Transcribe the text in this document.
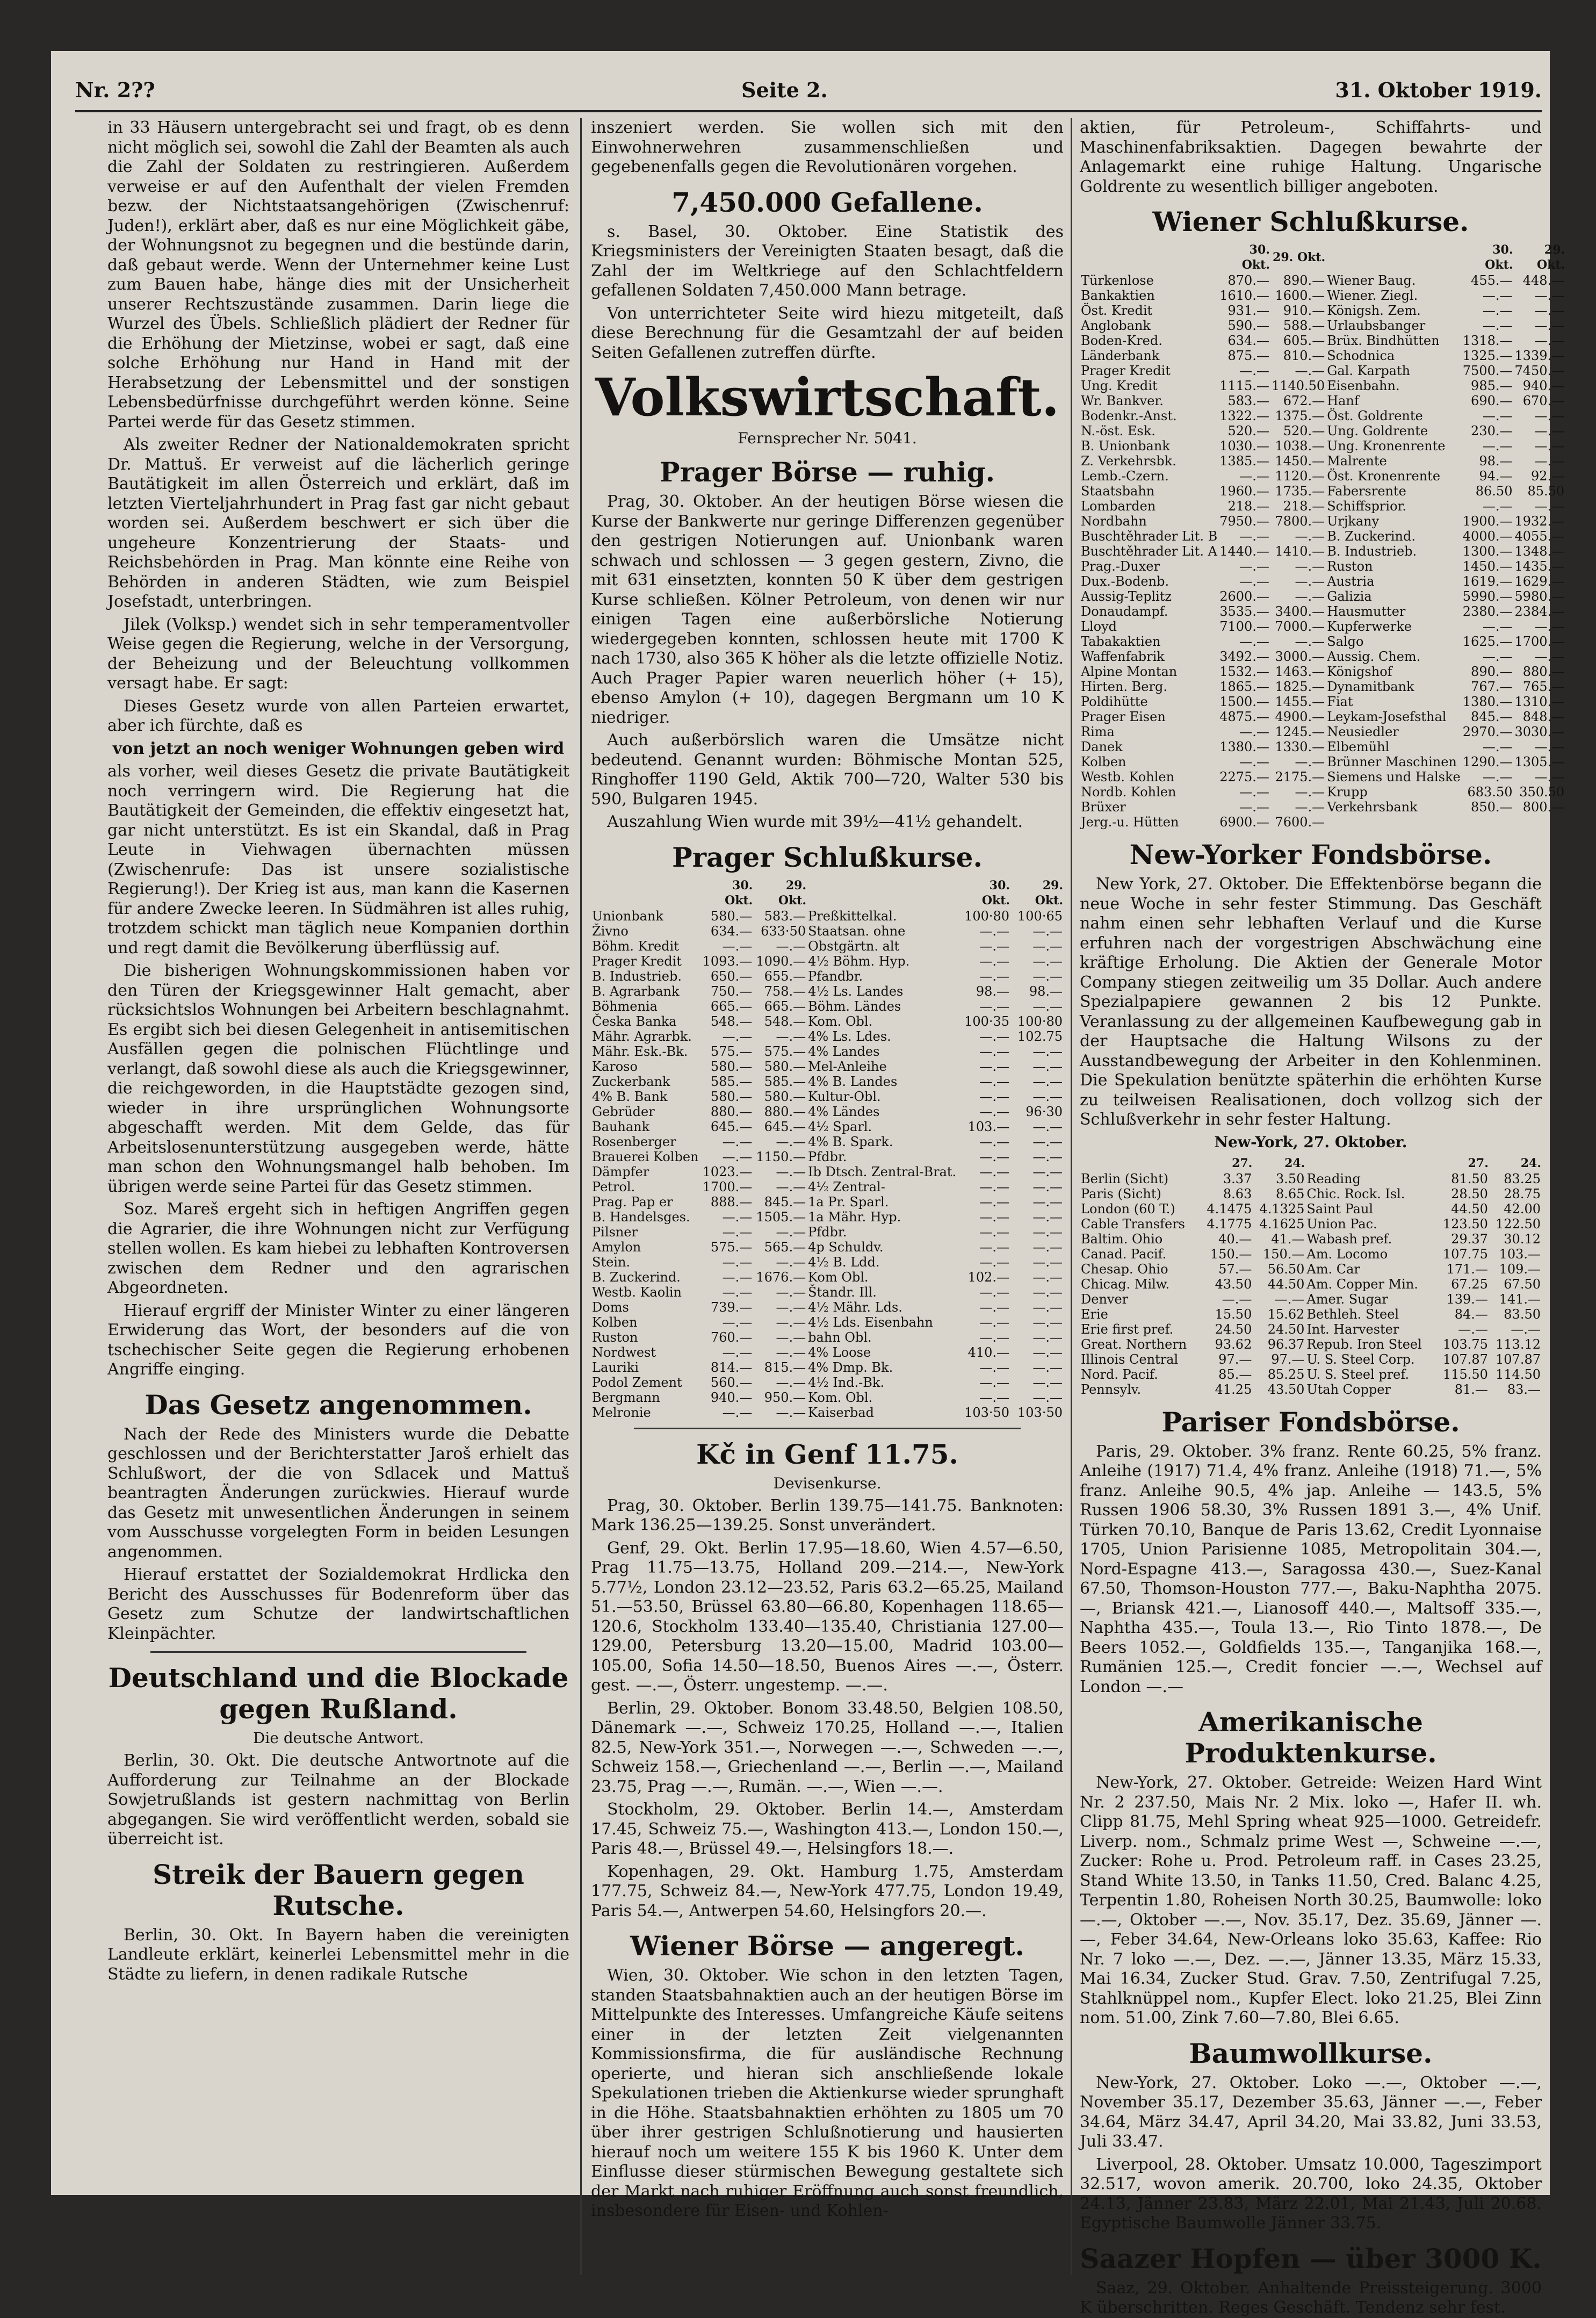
Nr. 2??	Seite 2.	31. Oktober 1919.

in 33 Häusern untergebracht sei und fragt, ob es denn nicht möglich sei, sowohl die Zahl der Beamten als auch die Zahl der Soldaten zu restringieren. Außerdem verweise er auf den Aufenthalt der vielen Fremden bezw. der Nichtstaatsangehörigen (Zwischenruf: Juden!), erklärt aber, daß es nur eine Möglichkeit gäbe, der Wohnungsnot zu begegnen und die bestünde darin, daß gebaut werde. Wenn der Unternehmer keine Lust zum Bauen habe, hänge dies mit der Unsicherheit unserer Rechtszustände zusammen. Darin liege die Wurzel des Übels. Schließlich plädiert der Redner für die Erhöhung der Mietzinse, wobei er sagt, daß eine solche Erhöhung nur Hand in Hand mit der Herabsetzung der Lebensmittel und der sonstigen Lebensbedürfnisse durchgeführt werden könne. Seine Partei werde für das Gesetz stimmen.

Als zweiter Redner der Nationaldemokraten spricht Dr. Mattuš. Er verweist auf die lächerlich geringe Bautätigkeit im allen Österreich und erklärt, daß im letzten Vierteljahrhundert in Prag fast gar nicht gebaut worden sei. Außerdem beschwert er sich über die ungeheure Konzentrierung der Staats- und Reichsbehörden in Prag. Man könnte eine Reihe von Behörden in anderen Städten, wie zum Beispiel Josefstadt, unterbringen.

Jilek (Volksp.) wendet sich in sehr temperamentvoller Weise gegen die Regierung, welche in der Versorgung, der Beheizung und der Beleuchtung vollkommen versagt habe. Er sagt:

Dieses Gesetz wurde von allen Parteien erwartet, aber ich fürchte, daß es

von jetzt an noch weniger Wohnungen geben wird

als vorher, weil dieses Gesetz die private Bautätigkeit noch verringern wird. Die Regierung hat die Bautätigkeit der Gemeinden, die effektiv eingesetzt hat, gar nicht unterstützt. Es ist ein Skandal, daß in Prag Leute in Viehwagen übernachten müssen (Zwischenrufe: Das ist unsere sozialistische Regierung!). Der Krieg ist aus, man kann die Kasernen für andere Zwecke leeren. In Südmähren ist alles ruhig, trotzdem schickt man täglich neue Kompanien dorthin und regt damit die Bevölkerung überflüssig auf.

Die bisherigen Wohnungskommissionen haben vor den Türen der Kriegsgewinner Halt gemacht, aber rücksichtslos Wohnungen bei Arbeitern beschlagnahmt. Es ergibt sich bei diesen Gelegenheit in antisemitischen Ausfällen gegen die polnischen Flüchtlinge und verlangt, daß sowohl diese als auch die Kriegsgewinner, die reichgeworden, in die Hauptstädte gezogen sind, wieder in ihre ursprünglichen Wohnungsorte abgeschafft werden. Mit dem Gelde, das für Arbeitslosenunterstützung ausgegeben werde, hätte man schon den Wohnungsmangel halb behoben. Im übrigen werde seine Partei für das Gesetz stimmen.

Soz. Mareš ergeht sich in heftigen Angriffen gegen die Agrarier, die ihre Wohnungen nicht zur Verfügung stellen wollen. Es kam hiebei zu lebhaften Kontroversen zwischen dem Redner und den agrarischen Abgeordneten.

Hierauf ergriff der Minister Winter zu einer längeren Erwiderung das Wort, der besonders auf die von tschechischer Seite gegen die Regierung erhobenen Angriffe einging.

Das Gesetz angenommen.

Nach der Rede des Ministers wurde die Debatte geschlossen und der Berichterstatter Jaroš erhielt das Schlußwort, der die von Sdlacek und Mattuš beantragten Änderungen zurückwies. Hierauf wurde das Gesetz mit unwesentlichen Änderungen in seinem vom Ausschusse vorgelegten Form in beiden Lesungen angenommen.

Hierauf erstattet der Sozialdemokrat Hrdlicka den Bericht des Ausschusses für Bodenreform über das Gesetz zum Schutze der landwirtschaftlichen Kleinpächter.

Deutschland und die Blockade gegen Rußland.
Die deutsche Antwort.

Berlin, 30. Okt. Die deutsche Antwortnote auf die Aufforderung zur Teilnahme an der Blockade Sowjetrußlands ist gestern nachmittag von Berlin abgegangen. Sie wird veröffentlicht werden, sobald sie überreicht ist.

Streik der Bauern gegen Rutsche.

Berlin, 30. Okt. In Bayern haben die vereinigten Landleute erklärt, keinerlei Lebensmittel mehr in die Städte zu liefern, in denen radikale Rutsche

inszeniert werden. Sie wollen sich mit den Einwohnerwehren zusammenschließen und gegebenenfalls gegen die Revolutionären vorgehen.

7,450.000 Gefallene.

s. Basel, 30. Oktober. Eine Statistik des Kriegsministers der Vereinigten Staaten besagt, daß die Zahl der im Weltkriege auf den Schlachtfeldern gefallenen Soldaten 7,450.000 Mann betrage.

Von unterrichteter Seite wird hiezu mitgeteilt, daß diese Berechnung für die Gesamtzahl der auf beiden Seiten Gefallenen zutreffen dürfte.

Volkswirtschaft.
Fernsprecher Nr. 5041.
Prager Börse — ruhig.

Prag, 30. Oktober. An der heutigen Börse wiesen die Kurse der Bankwerte nur geringe Differenzen gegenüber den gestrigen Notierungen auf. Unionbank waren schwach und schlossen — 3 gegen gestern, Zivno, die mit 631 einsetzten, konnten 50 K über dem gestrigen Kurse schließen. Kölner Petroleum, von denen wir nur einigen Tagen eine außerbörsliche Notierung wiedergegeben konnten, schlossen heute mit 1700 K nach 1730, also 365 K höher als die letzte offizielle Notiz. Auch Prager Papier waren neuerlich höher (+ 15), ebenso Amylon (+ 10), dagegen Bergmann um 10 K niedriger.

Auch außerbörslich waren die Umsätze nicht bedeutend. Genannt wurden: Böhmische Montan 525, Ringhoffer 1190 Geld, Aktik 700—720, Walter 530 bis 590, Bulgaren 1945.

Auszahlung Wien wurde mit 39½—41½ gehandelt.

Prager Schlußkurse.
	30. Okt.	29. Okt.		30. Okt.	29. Okt.
Unionbank	580.—	583.—	Preßkittelkal.	100·80	100·65
Živno	634.—	633·50	Staatsan. ohne	—.—	—.—
Böhm. Kredit	—.—	—.—	Obstgärtn. alt	—.—	—.—
Prager Kredit	1093.—	1090.—	4½ Böhm. Hyp.	—.—	—.—
B. Industrieb.	650.—	655.—	Pfandbr.	—.—	—.—
B. Agrarbank	750.—	758.—	4½ Ls. Landes	98.—	98.—
Böhmenia	665.—	665.—	Böhm. Ländes	—.—	—.—
Česka Banka	548.—	548.—	Kom. Obl.	100·35	100·80
Mähr. Agrarbk.	—.—	—.—	4% Ls. Ldes.	—.—	102.75
Mähr. Esk.-Bk.	575.—	575.—	4% Landes	—.—	—.—
Karoso	580.—	580.—	Mel-Anleihe	—.—	—.—
Zuckerbank	585.—	585.—	4% B. Landes	—.—	—.—
4% B. Bank	580.—	580.—	Kultur-Obl.	—.—	—.—
Gebrüder	880.—	880.—	4% Ländes	—.—	96·30
Bauhank	645.—	645.—	4½ Sparl.	103.—	—.—
Rosenberger	—.—	—.—	4% B. Spark.	—.—	—.—
Brauerei Kolben	—.—	1150.—	Pfdbr.	—.—	—.—
Dämpfer	1023.—	—.—	Ib Dtsch. Zentral-Brat.	—.—	—.—
Petrol.	1700.—	—.—	4½ Zentral-	—.—	—.—
Prag. Pap er	888.—	845.—	1a Pr. Sparl.	—.—	—.—
B. Handelsges.	—.—	1505.—	1a Mähr. Hyp.	—.—	—.—
Pilsner	—.—	—.—	Pfdbr.	—.—	—.—
Amylon	575.—	565.—	4p Schuldv.	—.—	—.—
Stein.	—.—	—.—	4½ B. Ldd.	—.—	—.—
B. Zuckerind.	—.—	1676.—	Kom Obl.	102.—	—.—
Westb. Kaolin	—.—	—.—	Štandr. Ill.	—.—	—.—
Doms	739.—	—.—	4½ Mähr. Lds.	—.—	—.—
Kolben	—.—	—.—	4½ Lds. Eisenbahn	—.—	—.—
Ruston	760.—	—.—	bahn Obl.	—.—	—.—
Nordwest	—.—	—.—	4% Loose	410.—	—.—
Lauriki	814.—	815.—	4% Dmp. Bk.	—.—	—.—
Podol Zement	560.—	—.—	4½ Ind.-Bk.	—.—	—.—
Bergmann	940.—	950.—	Kom. Obl.	—.—	—.—
Melronie	—.—	—.—	Kaiserbad	103·50	103·50
Kč in Genf 11.75.
Devisenkurse.

Prag, 30. Oktober. Berlin 139.75—141.75. Banknoten: Mark 136.25—139.25. Sonst unverändert.

Genf, 29. Okt. Berlin 17.95—18.60, Wien 4.57—6.50, Prag 11.75—13.75, Holland 209.—214.—, New-York 5.77½, London 23.12—23.52, Paris 63.2—65.25, Mailand 51.—53.50, Brüssel 63.80—66.80, Kopenhagen 118.65—120.6, Stockholm 133.40—135.40, Christiania 127.00—129.00, Petersburg 13.20—15.00, Madrid 103.00—105.00, Sofia 14.50—18.50, Buenos Aires —.—, Österr. gest. —.—, Österr. ungestemp. —.—.

Berlin, 29. Oktober. Bonom 33.48.50, Belgien 108.50, Dänemark —.—, Schweiz 170.25, Holland —.—, Italien 82.5, New-York 351.—, Norwegen —.—, Schweden —.—, Schweiz 158.—, Griechenland —.—, Berlin —.—, Mailand 23.75, Prag —.—, Rumän. —.—, Wien —.—.

Stockholm, 29. Oktober. Berlin 14.—, Amsterdam 17.45, Schweiz 75.—, Washington 413.—, London 150.—, Paris 48.—, Brüssel 49.—, Helsingfors 18.—.

Kopenhagen, 29. Okt. Hamburg 1.75, Amsterdam 177.75, Schweiz 84.—, New-York 477.75, London 19.49, Paris 54.—, Antwerpen 54.60, Helsingfors 20.—.

Wiener Börse — angeregt.

Wien, 30. Oktober. Wie schon in den letzten Tagen, standen Staatsbahnaktien auch an der heutigen Börse im Mittelpunkte des Interesses. Umfangreiche Käufe seitens einer in der letzten Zeit vielgenannten Kommissionsfirma, die für ausländische Rechnung operierte, und hieran sich anschließende lokale Spekulationen trieben die Aktienkurse wieder sprunghaft in die Höhe. Staatsbahnaktien erhöhten zu 1805 um 70 über ihrer gestrigen Schlußnotierung und hausierten hierauf noch um weitere 155 K bis 1960 K. Unter dem Einflusse dieser stürmischen Bewegung gestaltete sich der Markt nach ruhiger Eröffnung auch sonst freundlich, insbesondere für Eisen- und Kohlen-

aktien, für Petroleum-, Schiffahrts- und Maschinenfabriksaktien. Dagegen bewahrte der Anlagemarkt eine ruhige Haltung. Ungarische Goldrente zu wesentlich billiger angeboten.

Wiener Schlußkurse.
	30. Okt.	29. Okt.		30. Okt.	29. Okt.
Türkenlose	870.—	890.—	Wiener Baug.	455.—	448.—
Bankaktien	1610.—	1600.—	Wiener. Ziegl.	—.—	—.—
Öst. Kredit	931.—	910.—	Königsh. Zem.	—.—	—.—
Anglobank	590.—	588.—	Urlaubsbanger	—.—	—.—
Boden-Kred.	634.—	605.—	Brüx. Bindhütten	1318.—	—.—
Länderbank	875.—	810.—	Schodnica	1325.—	1339.—
Prager Kredit	—.—	—.—	Gal. Karpath	7500.—	7450.—
Ung. Kredit	1115.—	1140.50	Eisenbahn.	985.—	940.—
Wr. Bankver.	583.—	672.—	Hanf	690.—	670.—
Bodenkr.-Anst.	1322.—	1375.—	Öst. Goldrente	—.—	—.—
N.-öst. Esk.	520.—	520.—	Ung. Goldrente	230.—	—.—
B. Unionbank	1030.—	1038.—	Ung. Kronenrente	—.—	—.—
Z. Verkehrsbk.	1385.—	1450.—	Malrente	98.—	—.—
Lemb.-Czern.	—.—	1120.—	Öst. Kronenrente	94.—	92.—
Staatsbahn	1960.—	1735.—	Fabersrente	86.50	85.50
Lombarden	218.—	218.—	Schiffsprior.	—.—	—.—
Nordbahn	7950.—	7800.—	Urjkany	1900.—	1932.—
Buschtěhrader Lit. B	—.—	—.—	B. Zuckerind.	4000.—	4055.—
Buschtěhrader Lit. A	1440.—	1410.—	B. Industrieb.	1300.—	1348.—
Prag.-Duxer	—.—	—.—	Ruston	1450.—	1435.—
Dux.-Bodenb.	—.—	—.—	Austria	1619.—	1629.—
Aussig-Teplitz	2600.—	—.—	Galizia	5990.—	5980.—
Donaudampf.	3535.—	3400.—	Hausmutter	2380.—	2384.—
Lloyd	7100.—	7000.—	Kupferwerke	—.—	—.—
Tabakaktien	—.—	—.—	Salgo	1625.—	1700.—
Waffenfabrik	3492.—	3000.—	Aussig. Chem.	—.—	—.—
Alpine Montan	1532.—	1463.—	Königshof	890.—	880.—
Hirten. Berg.	1865.—	1825.—	Dynamitbank	767.—	765.—
Poldihütte	1500.—	1455.—	Fiat	1380.—	1310.—
Prager Eisen	4875.—	4900.—	Leykam-Josefsthal	845.—	848.—
Rima	—.—	1245.—	Neusiedler	2970.—	3030.—
Danek	1380.—	1330.—	Elbemühl	—.—	—.—
Kolben	—.—	—.—	Brünner Maschinen	1290.—	1305.—
Westb. Kohlen	2275.—	2175.—	Siemens und Halske	—.—	—.—
Nordb. Kohlen	—.—	—.—	Krupp	683.50	350.50
Brüxer	—.—	—.—	Verkehrsbank	850.—	800.—
Jerg.-u. Hütten	6900.—	7600.—			
New-Yorker Fondsbörse.

New York, 27. Oktober. Die Effektenbörse begann die neue Woche in sehr fester Stimmung. Das Geschäft nahm einen sehr lebhaften Verlauf und die Kurse erfuhren nach der vorgestrigen Abschwächung eine kräftige Erholung. Die Aktien der Generale Motor Company stiegen zeitweilig um 35 Dollar. Auch andere Spezialpapiere gewannen 2 bis 12 Punkte. Veranlassung zu der allgemeinen Kaufbewegung gab in der Hauptsache die Haltung Wilsons zu der Ausstandbewegung der Arbeiter in den Kohlenminen. Die Spekulation benützte späterhin die erhöhten Kurse zu teilweisen Realisationen, doch vollzog sich der Schlußverkehr in sehr fester Haltung.

New-York, 27. Oktober.
	27.	24.		27.	24.
Berlin (Sicht)	3.37	3.50	Reading	81.50	83.25
Paris (Sicht)	8.63	8.65	Chic. Rock. Isl.	28.50	28.75
London (60 T.)	4.1475	4.1325	Saint Paul	44.50	42.00
Cable Transfers	4.1775	4.1625	Union Pac.	123.50	122.50
Baltim. Ohio	40.—	41.—	Wabash pref.	29.37	30.12
Canad. Pacif.	150.—	150.—	Am. Locomo	107.75	103.—
Chesap. Ohio	57.—	56.50	Am. Car	171.—	109.—
Chicag. Milw.	43.50	44.50	Am. Copper Min.	67.25	67.50
Denver	—.—	—.—	Amer. Sugar	139.—	141.—
Erie	15.50	15.62	Bethleh. Steel	84.—	83.50
Erie first pref.	24.50	24.50	Int. Harvester	—.—	—.—
Great. Northern	93.62	96.37	Repub. Iron Steel	103.75	113.12
Illinois Central	97.—	97.—	U. S. Steel Corp.	107.87	107.87
Nord. Pacif.	85.—	85.25	U. S. Steel pref.	115.50	114.50
Pennsylv.	41.25	43.50	Utah Copper	81.—	83.—
Pariser Fondsbörse.

Paris, 29. Oktober. 3% franz. Rente 60.25, 5% franz. Anleihe (1917) 71.4, 4% franz. Anleihe (1918) 71.—, 5% franz. Anleihe 90.5, 4% jap. Anleihe — 143.5, 5% Russen 1906 58.30, 3% Russen 1891 3.—, 4% Unif. Türken 70.10, Banque de Paris 13.62, Credit Lyonnaise 1705, Union Parisienne 1085, Metropolitain 304.—, Nord-Espagne 413.—, Saragossa 430.—, Suez-Kanal 67.50, Thomson-Houston 777.—, Baku-Naphtha 2075.—, Briansk 421.—, Lianosoff 440.—, Maltsoff 335.—, Naphtha 435.—, Toula 13.—, Rio Tinto 1878.—, De Beers 1052.—, Goldfields 135.—, Tanganjika 168.—, Rumänien 125.—, Credit foncier —.—, Wechsel auf London —.—

Amerikanische Produktenkurse.

New-York, 27. Oktober. Getreide: Weizen Hard Wint Nr. 2 237.50, Mais Nr. 2 Mix. loko —, Hafer II. wh. Clipp 81.75, Mehl Spring wheat 925—1000. Getreidefr. Liverp. nom., Schmalz prime West —, Schweine —.—, Zucker: Rohe u. Prod. Petroleum raff. in Cases 23.25, Stand White 13.50, in Tanks 11.50, Cred. Balanc 4.25, Terpentin 1.80, Roheisen North 30.25, Baumwolle: loko —.—, Oktober —.—, Nov. 35.17, Dez. 35.69, Jänner —.—, Feber 34.64, New-Orleans loko 35.63, Kaffee: Rio Nr. 7 loko —.—, Dez. —.—, Jänner 13.35, März 15.33, Mai 16.34, Zucker Stud. Grav. 7.50, Zentrifugal 7.25, Stahlknüppel nom., Kupfer Elect. loko 21.25, Blei Zinn nom. 51.00, Zink 7.60—7.80, Blei 6.65.

Baumwollkurse.

New-York, 27. Oktober. Loko —.—, Oktober —.—, November 35.17, Dezember 35.63, Jänner —.—, Feber 34.64, März 34.47, April 34.20, Mai 33.82, Juni 33.53, Juli 33.47.

Liverpool, 28. Oktober. Umsatz 10.000, Tageszimport 32.517, wovon amerik. 20.700, loko 24.35, Oktober 24.13, Jänner 23.83, März 22.01, Mai 21.43, Juli 20.68. Egyptische Baumwolle Jänner 33.75.

Saazer Hopfen — über 3000 K.

Saaz, 29. Oktober. Anhaltende Preissteigerung. 3000 K überschritten. Reges Geschäft. Tendenz sehr fest.
